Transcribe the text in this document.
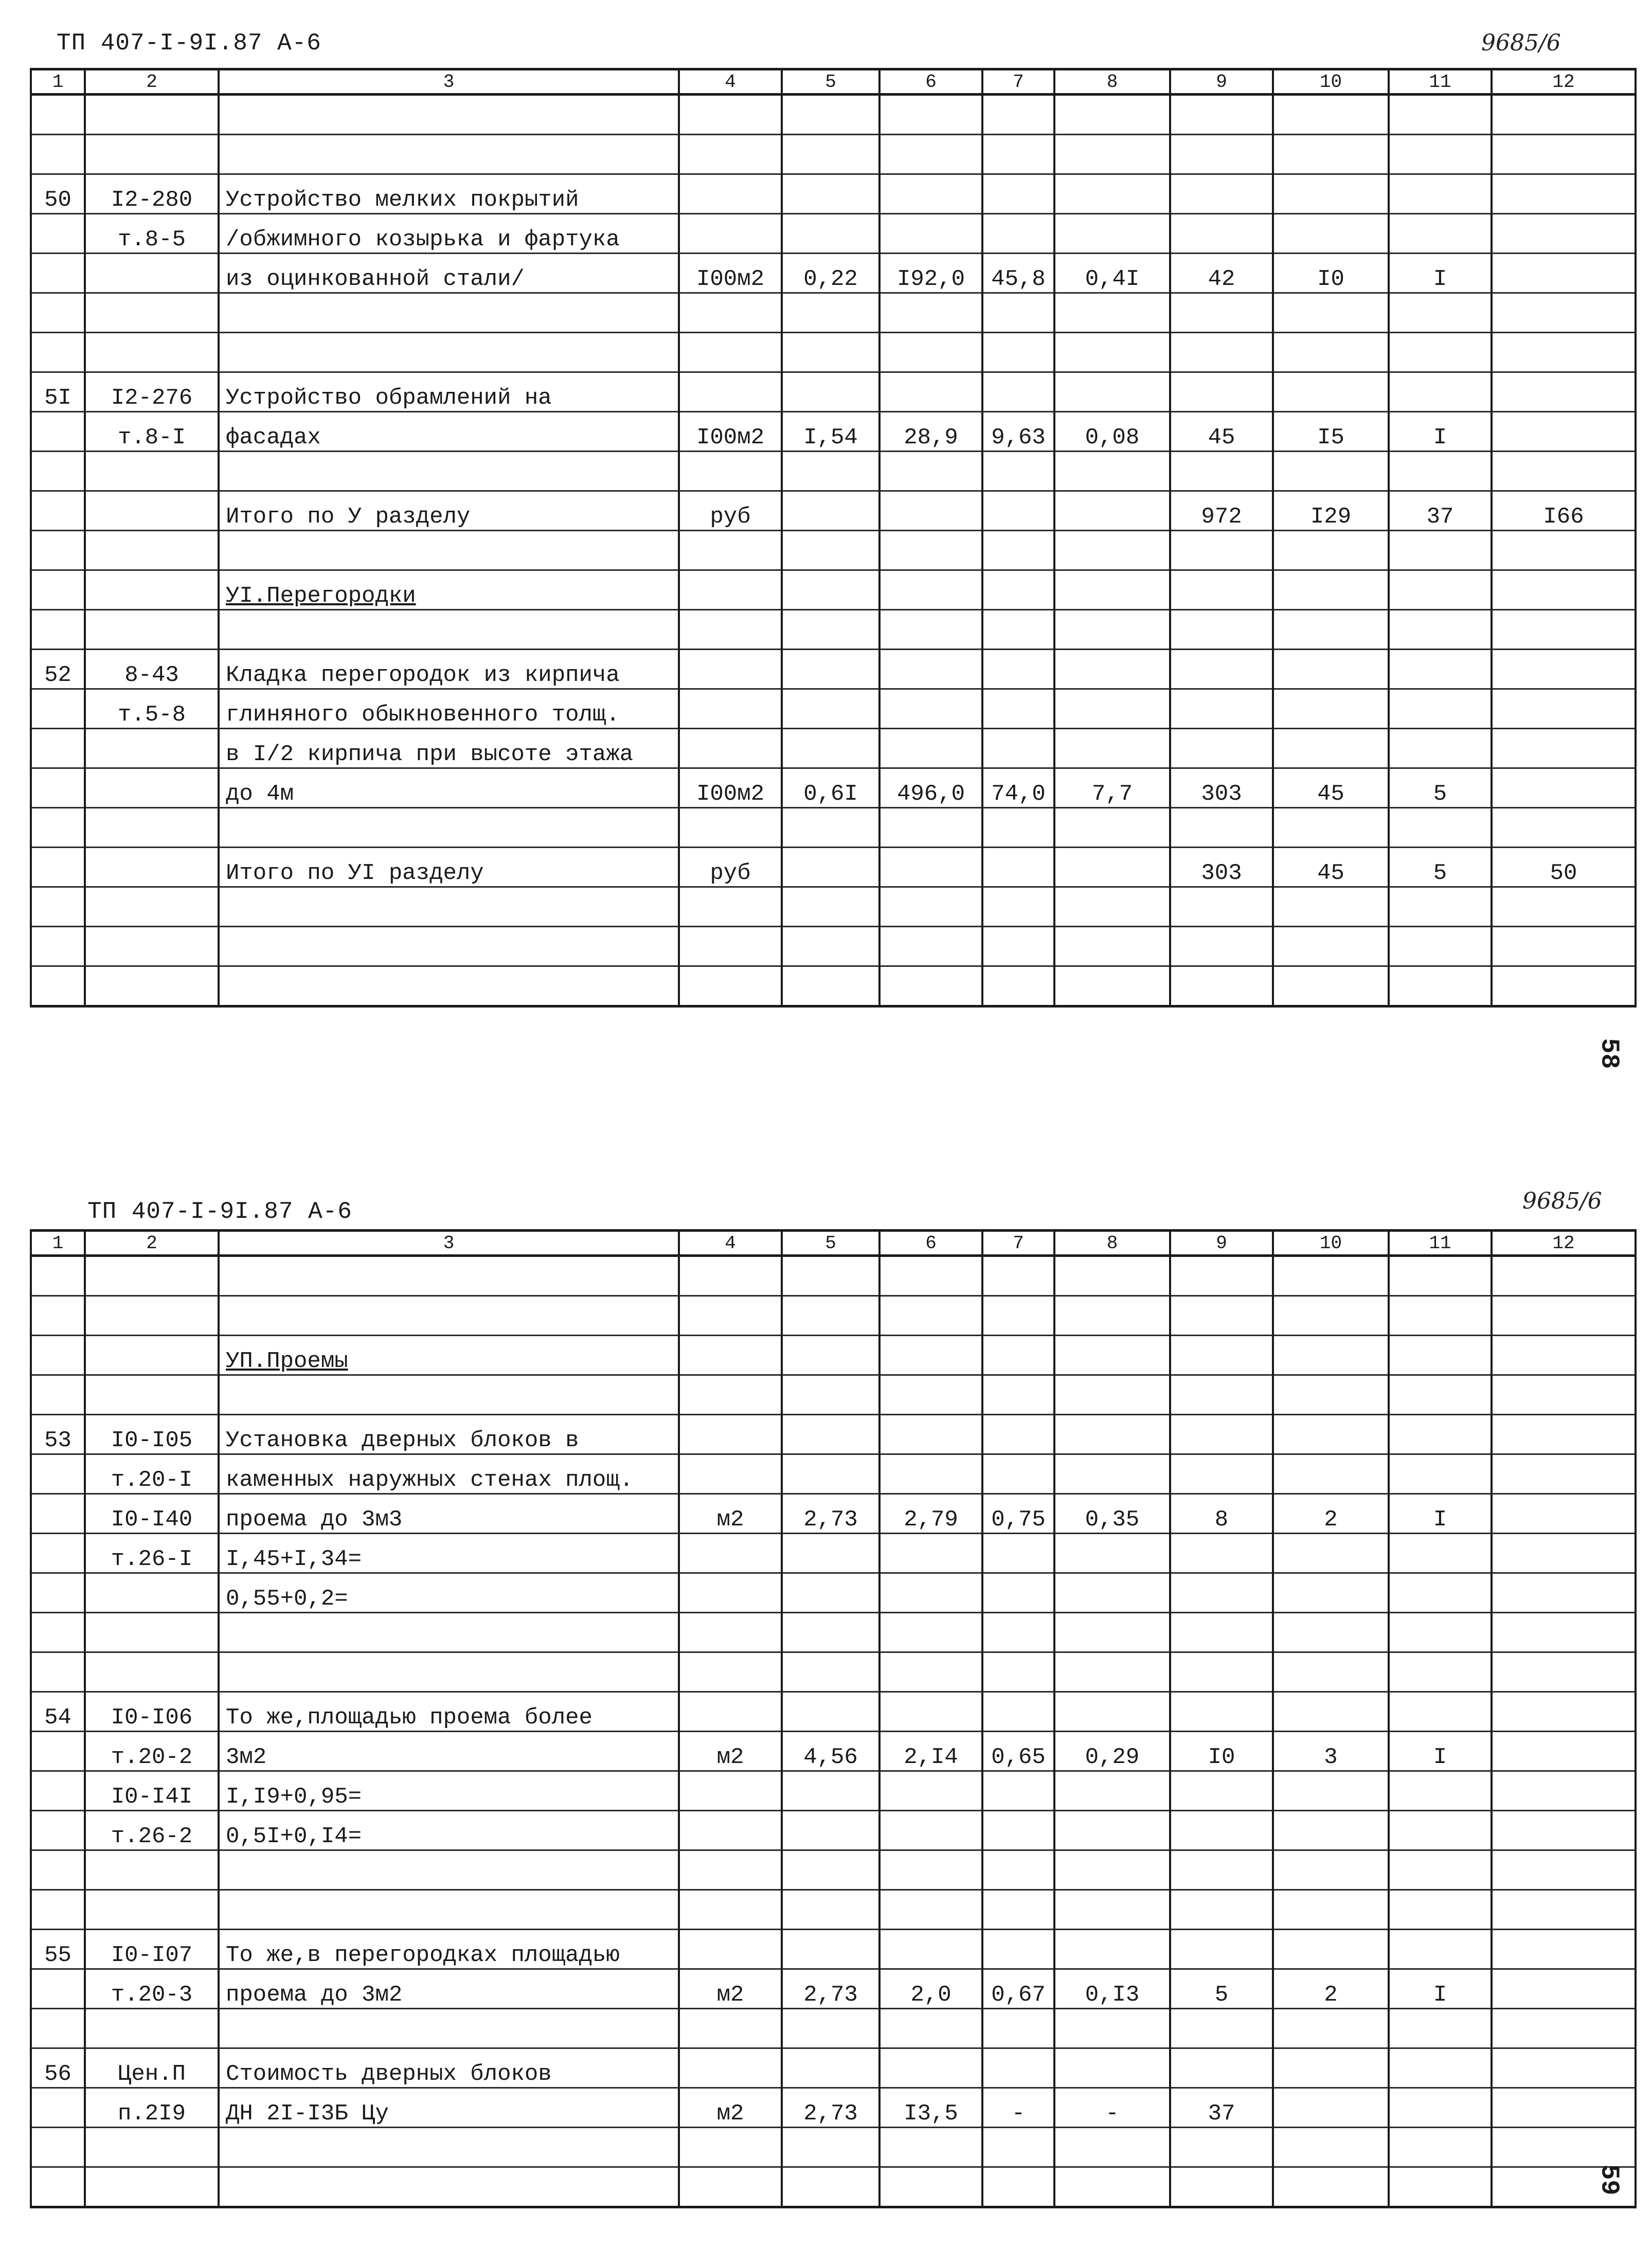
ТП 407-I-9I.87 А-6	9685/6
1	2	3	4	5	6	7	8	9	10	11	12

50	I2-280	Устройство мелких покрытий									
	т.8-5	/обжимного козырька и фартука									
		из оцинкованной стали/	I00м2	0,22	I92,0	45,8	0,4I	42	I0	I	

5I	I2-276	Устройство обрамлений на									
	т.8-I	фасадах	I00м2	I,54	28,9	9,63	0,08	45	I5	I	

		Итого по У разделу	руб					972	I29	37	I66

		УI.Перегородки									

52	8-43	Кладка перегородок из кирпича									
	т.5-8	глиняного обыкновенного толщ.									
		в I/2 кирпича при высоте этажа									
		до 4м	I00м2	0,6I	496,0	74,0	7,7	303	45	5	

		Итого по УI разделу	руб					303	45	5	50

58
ТП 407-I-9I.87 А-6	9685/6
1	2	3	4	5	6	7	8	9	10	11	12

		УП.Проемы									

53	I0-I05	Установка дверных блоков в									
	т.20-I	каменных наружных стенах площ.									
	I0-I40	проема до 3м3	м2	2,73	2,79	0,75	0,35	8	2	I	
	т.26-I	I,45+I,34=									
		0,55+0,2=									

54	I0-I06	То же,площадью проема более									
	т.20-2	3м2	м2	4,56	2,I4	0,65	0,29	I0	3	I	
	I0-I4I	I,I9+0,95=									
	т.26-2	0,5I+0,I4=									

55	I0-I07	То же,в перегородках площадью									
	т.20-3	проема до 3м2	м2	2,73	2,0	0,67	0,I3	5	2	I	

56	Цен.П	Стоимость дверных блоков									
	п.2I9	ДН 2I-I3Б Цу	м2	2,73	I3,5	-	-	37			

59
